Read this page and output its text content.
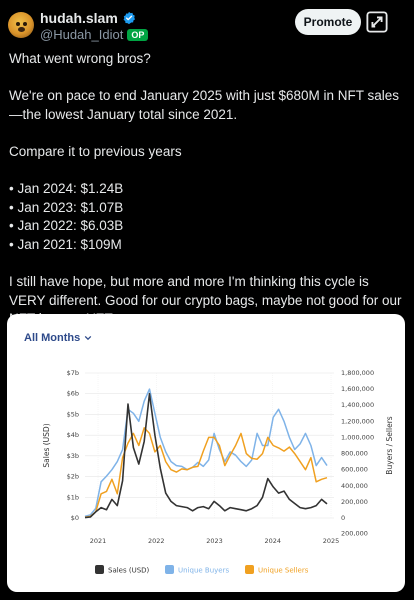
hudah.slam
@Hudah_Idiot OP
Promote

What went wrong bros?

We're on pace to end January 2025 with just $680M in NFT sales—the lowest January total since 2021.

Compare it to previous years

• Jan 2024: $1.24B

• Jan 2023: $1.07B

• Jan 2022: $6.03B

• Jan 2021: $109M

I still have hope, but more and more I'm thinking this cycle is VERY different. Good for our crypto bags, maybe not good for our

All Months
$0
$1b
$2b
$3b
$4b
$5b
$6b
$7b
0
200,000
400,000
600,000
800,000
1,000,000
1,200,000
1,400,000
1,600,000
1,800,000
200,000
2021	2022	2023	2024	2025
Sales (USD)	Buyers / Sellers
Sales (USD)	Unique Buyers	Unique Sellers
